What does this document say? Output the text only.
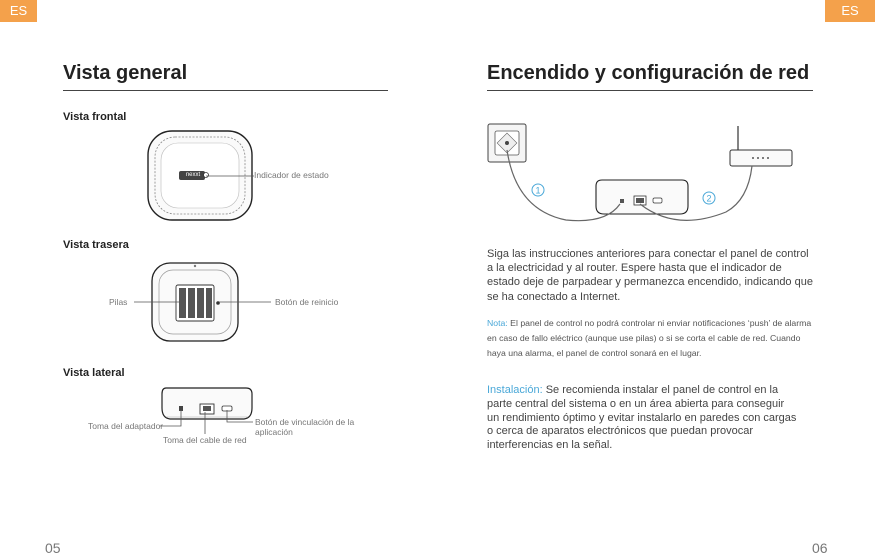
ES	ES
Vista general
Vista frontal
nexxt	Indicador de estado
Vista trasera
Pilas	Botón de reinicio
Vista lateral
Toma del adaptador
Toma del cable de red
Botón de vinculación de la
aplicación
05
Encendido y configuración de red
1
2
Siga las instrucciones anteriores para conectar el panel de control a la electricidad y al router. Espere hasta que el indicador de estado deje de parpadear y permanezca encendido, indicando que se ha conectado a Internet.
Nota: El panel de control no podrá controlar ni enviar notificaciones ‘push’ de alarma en caso de fallo eléctrico (aunque use pilas) o si se corta el cable de red. Cuando haya una alarma, el panel de control sonará en el lugar.
Instalación: Se recomienda instalar el panel de control en la parte central del sistema o en un área abierta para conseguir un rendimiento óptimo y evitar instalarlo en paredes con cargas o cerca de aparatos electrónicos que puedan provocar interferencias en la señal.
06
